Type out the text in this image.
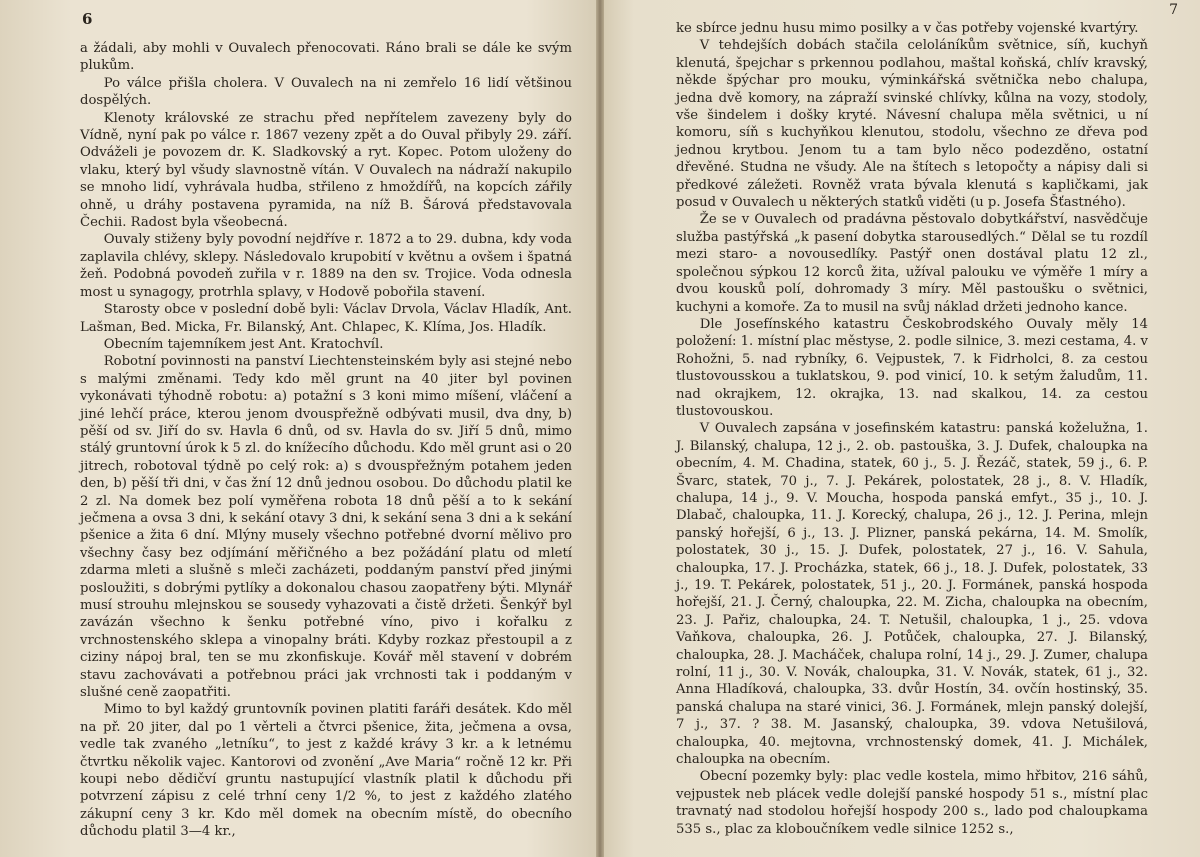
6

a žádali, aby mohli v Ouvalech přenocovati. Ráno brali se dále ke svým plukům.

Po válce přišla cholera. V Ouvalech na ni zemřelo 16 lidí většinou dospělých.

Klenoty královské ze strachu před nepřítelem zavezeny byly do Vídně, nyní pak po válce r. 1867 vezeny zpět a do Ouval přibyly 29. září. Odváželi je povozem dr. K. Sladkovský a ryt. Kopec. Potom uloženy do vlaku, který byl všudy slavnostně vítán. V Ouvalech na nádraží nakupilo se mnoho lidí, vyhrávala hudba, střileno z hmoždířů, na kopcích zářily ohně, u dráhy postavena pyramida, na níž B. Šárová představovala Čechii. Radost byla všeobecná.

Ouvaly stiženy byly povodní nejdříve r. 1872 a to 29. dubna, kdy voda zaplavila chlévy, sklepy. Následovalo krupobití v květnu a ovšem i špatná žeň. Podobná povodeň zuřila v r. 1889 na den sv. Trojice. Voda odnesla most u synagogy, protrhla splavy, v Hodově pobořila stavení.

Starosty obce v poslední době byli: Václav Drvola, Václav Hladík, Ant. Lašman, Bed. Micka, Fr. Bilanský, Ant. Chlapec, K. Klíma, Jos. Hladík.

Obecním tajemníkem jest Ant. Kratochvíl.

Robotní povinnosti na panství Liechtensteinském byly asi stejné nebo s malými změnami. Tedy kdo měl grunt na 40 jiter byl povinen vykonávati týhodně robotu: a) potažní s 3 koni mimo míšení, vláčení a jiné lehčí práce, kterou jenom dvouspřežně odbývati musil, dva dny, b) pěší od sv. Jiří do sv. Havla 6 dnů, od sv. Havla do sv. Jiří 5 dnů, mimo stálý gruntovní úrok k 5 zl. do knížecího důchodu. Kdo měl grunt asi o 20 jitrech, robotoval týdně po celý rok: a) s dvouspřežným potahem jeden den, b) pěší tři dni, v čas žní 12 dnů jednou osobou. Do důchodu platil ke 2 zl. Na domek bez polí vyměřena robota 18 dnů pěší a to k sekání ječmena a ovsa 3 dni, k sekání otavy 3 dni, k sekání sena 3 dni a k sekání pšenice a žita 6 dní. Mlýny musely všechno potřebné dvorní mělivo pro všechny časy bez odjímání měřičného a bez požádání platu od mletí zdarma mleti a slušně s mleči zacházeti, poddaným panství před jinými posloužiti, s dobrými pytlíky a dokonalou chasou zaopatřeny býti. Mlynář musí strouhu mlejnskou se sousedy vyhazovati a čistě držeti. Šenkýř byl zavázán všechno k šenku potřebné víno, pivo i kořalku z vrchnostenského sklepa a vinopalny bráti. Kdyby rozkaz přestoupil a z ciziny nápoj bral, ten se mu zkonfiskuje. Kovář měl stavení v dobrém stavu zachovávati a potřebnou práci jak vrchnosti tak i poddaným v slušné ceně zaopatřiti.

Mimo to byl každý gruntovník povinen platiti faráři desátek. Kdo měl na př. 20 jiter, dal po 1 věrteli a čtvrci pšenice, žita, ječmena a ovsa, vedle tak zvaného „letníku“, to jest z každé krávy 3 kr. a k letnému čtvrtku několik vajec. Kantorovi od zvonění „Ave Maria“ ročně 12 kr. Při koupi nebo dědičví gruntu nastupující vlastník platil k důchodu při potvrzení zápisu z celé trhní ceny 1/2 %, to jest z každého zlatého zákupní ceny 3 kr. Kdo měl domek na obecním místě, do obecního důchodu platil 3—4 kr.,

7

ke sbírce jednu husu mimo posilky a v čas potřeby vojenské kvartýry.

V tehdejších dobách stačila celoláníkům světnice, síň, kuchyň klenutá, špejchar s prkennou podlahou, maštal koňská, chlív kravský, někde špýchar pro mouku, výminkářská světnička nebo chalupa, jedna dvě komory, na zápraží svinské chlívky, kůlna na vozy, stodoly, vše šindelem i došky kryté. Návesní chalupa měla světnici, u ní komoru, síň s kuchyňkou klenutou, stodolu, všechno ze dřeva pod jednou krytbou. Jenom tu a tam bylo něco podezděno, ostatní dřevěné. Studna ne všudy. Ale na štítech s letopočty a nápisy dali si předkové záležeti. Rovněž vrata bývala klenutá s kapličkami, jak posud v Ouvalech u některých statků viděti (u p. Josefa Šťastného).

Že se v Ouvalech od pradávna pěstovalo dobytkářství, nasvědčuje služba pastýřská „k pasení dobytka starousedlých.“ Dělal se tu rozdíl mezi staro- a novousedlíky. Pastýř onen dostával platu 12 zl., společnou sýpkou 12 korců žita, užíval palouku ve výměře 1 míry a dvou kousků polí, dohromady 3 míry. Měl pastoušku o světnici, kuchyni a komoře. Za to musil na svůj náklad držeti jednoho kance.

Dle Josefínského katastru Českobrodského Ouvaly měly 14 položení: 1. místní plac městyse, 2. podle silnice, 3. mezi cestama, 4. v Rohožni, 5. nad rybníky, 6. Vejpustek, 7. k Fidrholci, 8. za cestou tlustovousskou a tuklatskou, 9. pod vinicí, 10. k setým žaludům, 11. nad okrajkem, 12. okrajka, 13. nad skalkou, 14. za cestou tlustovouskou.

V Ouvalech zapsána v josefinském katastru: panská koželužna, 1. J. Bilanský, chalupa, 12 j., 2. ob. pastouška, 3. J. Dufek, chaloupka na obecním, 4. M. Chadina, statek, 60 j., 5. J. Řezáč, statek, 59 j., 6. P. Švarc, statek, 70 j., 7. J. Pekárek, polostatek, 28 j., 8. V. Hladík, chalupa, 14 j., 9. V. Moucha, hospoda panská emfyt., 35 j., 10. J. Dlabač, chaloupka, 11. J. Korecký, chalupa, 26 j., 12. J. Perina, mlejn panský hořejší, 6 j., 13. J. Plizner, panská pekárna, 14. M. Smolík, polostatek, 30 j., 15. J. Dufek, polostatek, 27 j., 16. V. Sahula, chaloupka, 17. J. Procházka, statek, 66 j., 18. J. Dufek, polostatek, 33 j., 19. T. Pekárek, polostatek, 51 j., 20. J. Formánek, panská hospoda hořejší, 21. J. Černý, chaloupka, 22. M. Zicha, chaloupka na obecním, 23. J. Pařiz, chaloupka, 24. T. Netušil, chaloupka, 1 j., 25. vdova Vaňkova, chaloupka, 26. J. Potůček, chaloupka, 27. J. Bilanský, chaloupka, 28. J. Macháček, chalupa rolní, 14 j., 29. J. Zumer, chalupa rolní, 11 j., 30. V. Novák, chaloupka, 31. V. Novák, statek, 61 j., 32. Anna Hladíková, chaloupka, 33. dvůr Hostín, 34. ovčín hostinský, 35. panská chalupa na staré vinici, 36. J. Formánek, mlejn panský dolejší, 7 j., 37. ? 38. M. Jasanský, chaloupka, 39. vdova Netušilová, chaloupka, 40. mejtovna, vrchnostenský domek, 41. J. Michálek, chaloupka na obecním.

Obecní pozemky byly: plac vedle kostela, mimo hřbitov, 216 sáhů, vejpustek neb plácek vedle dolejší panské hospody 51 s., místní plac travnatý nad stodolou hořejší hospody 200 s., lado pod chaloupkama 535 s., plac za kloboučníkem vedle silnice 1252 s.,
